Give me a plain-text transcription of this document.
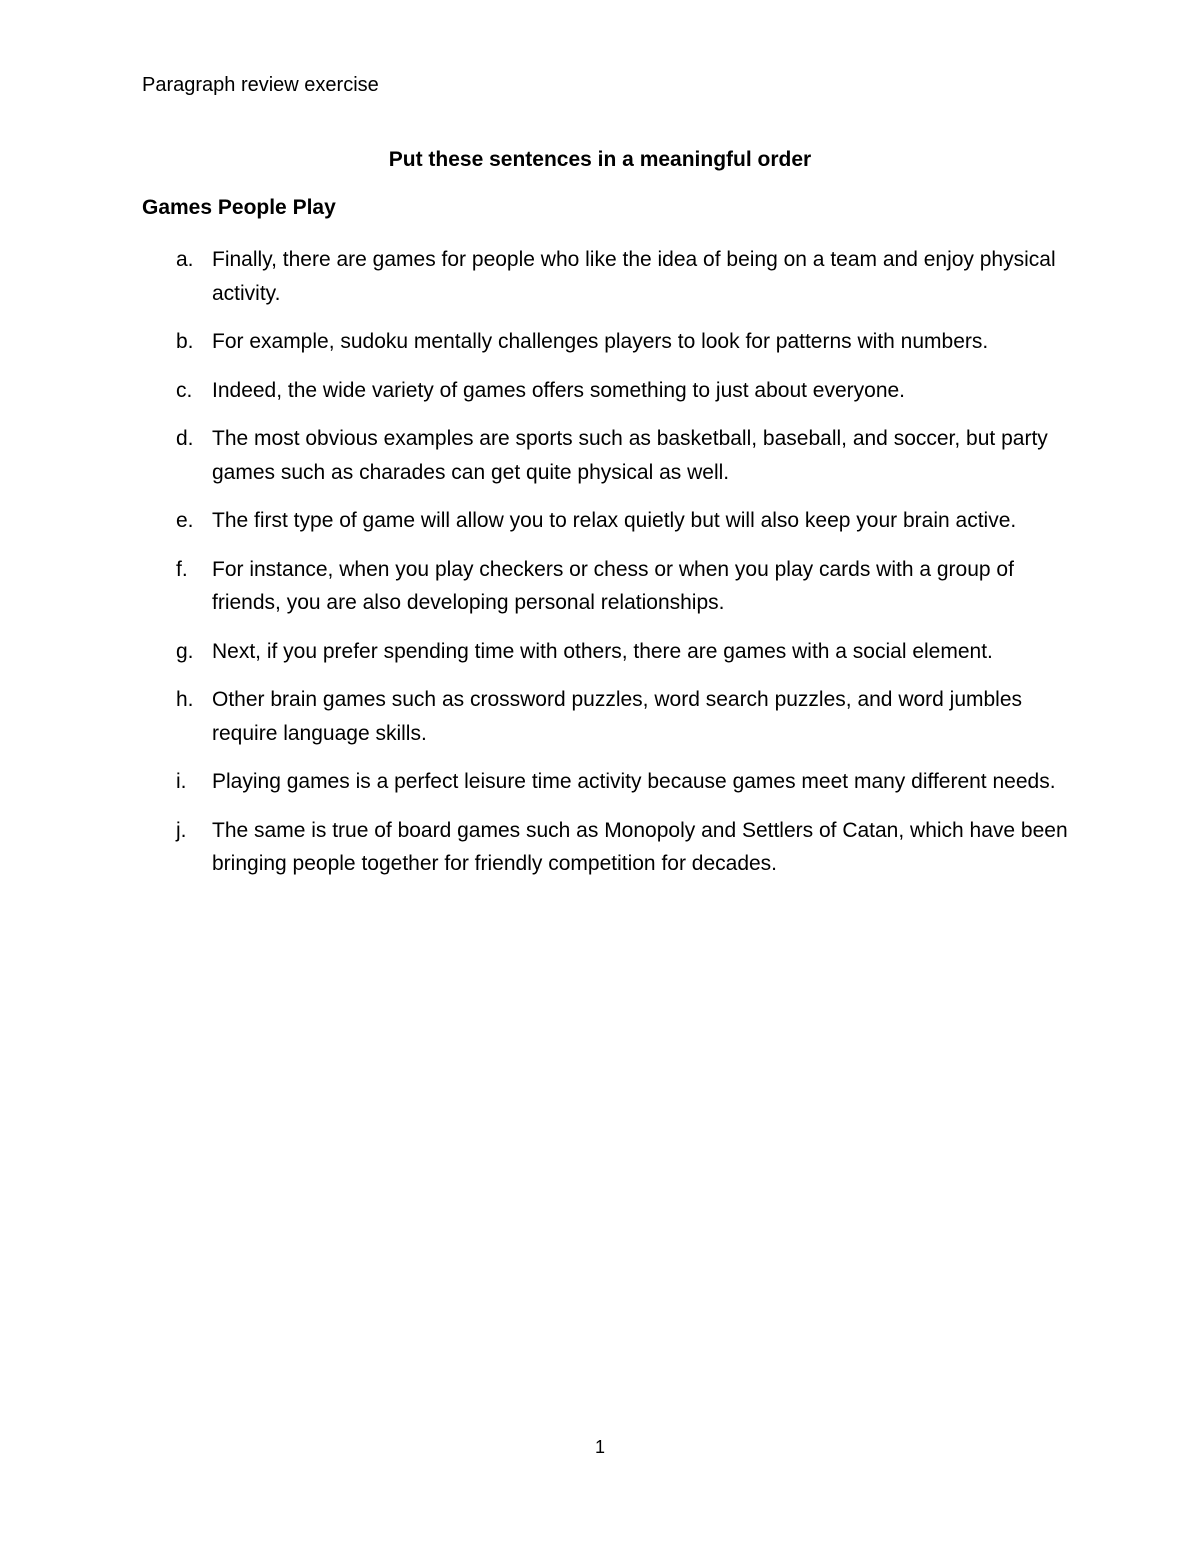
Paragraph review exercise
Put these sentences in a meaningful order
Games People Play
a. Finally, there are games for people who like the idea of being on a team and enjoy physical activity.
b. For example, sudoku mentally challenges players to look for patterns with numbers.
c. Indeed, the wide variety of games offers something to just about everyone.
d. The most obvious examples are sports such as basketball, baseball, and soccer, but party games such as charades can get quite physical as well.
e. The first type of game will allow you to relax quietly but will also keep your brain active.
f. For instance, when you play checkers or chess or when you play cards with a group of friends, you are also developing personal relationships.
g. Next, if you prefer spending time with others, there are games with a social element.
h. Other brain games such as crossword puzzles, word search puzzles, and word jumbles require language skills.
i. Playing games is a perfect leisure time activity because games meet many different needs.
j. The same is true of board games such as Monopoly and Settlers of Catan, which have been bringing people together for friendly competition for decades.
1
